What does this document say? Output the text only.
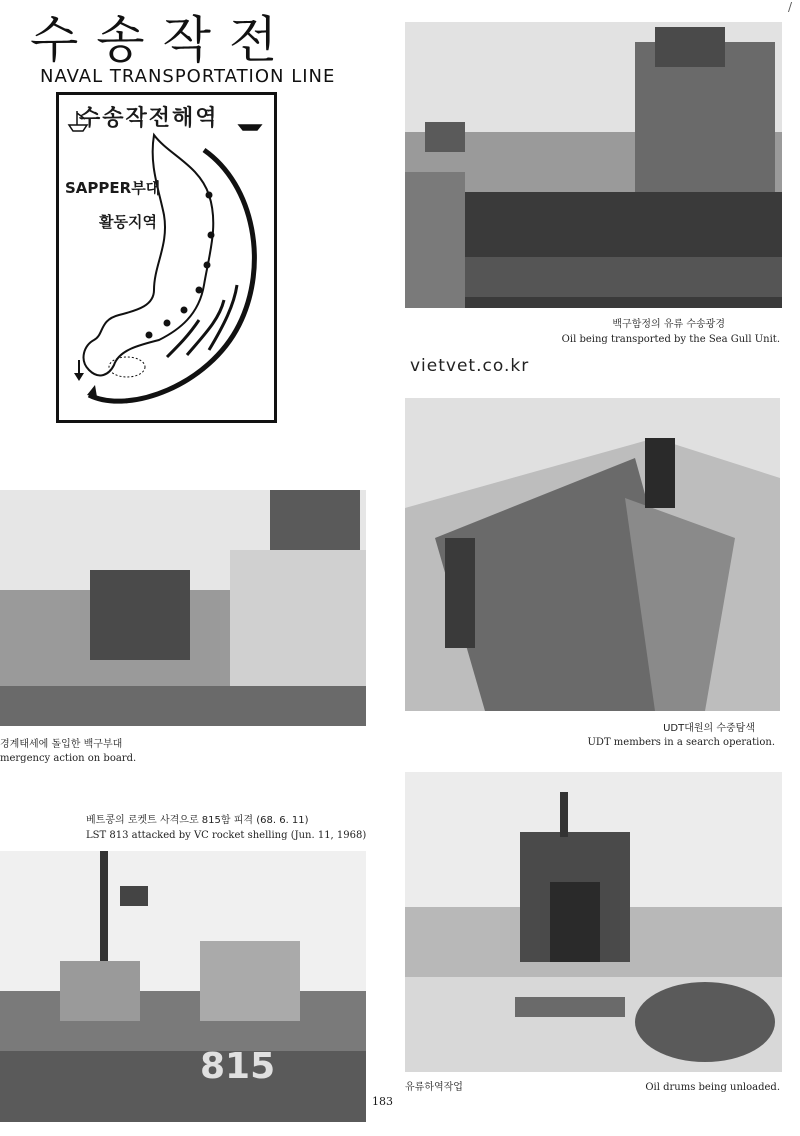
수송작전
NAVAL TRANSPORTATION LINE
/
수송작전해역
SAPPER부대
활동지역
백구함정의 유류 수송광경
Oil being transported by the Sea Gull Unit.
vietvet.co.kr
경계태세에 돌입한 백구부대
mergency action on board.
UDT대원의 수중탐색
UDT members in a search operation.
베트콩의 로켓트 사격으로 815함 피격 (68. 6. 11)
LST 813 attacked by VC rocket shelling (Jun. 11, 1968)
815
유류하역작업	Oil drums being unloaded.
183
